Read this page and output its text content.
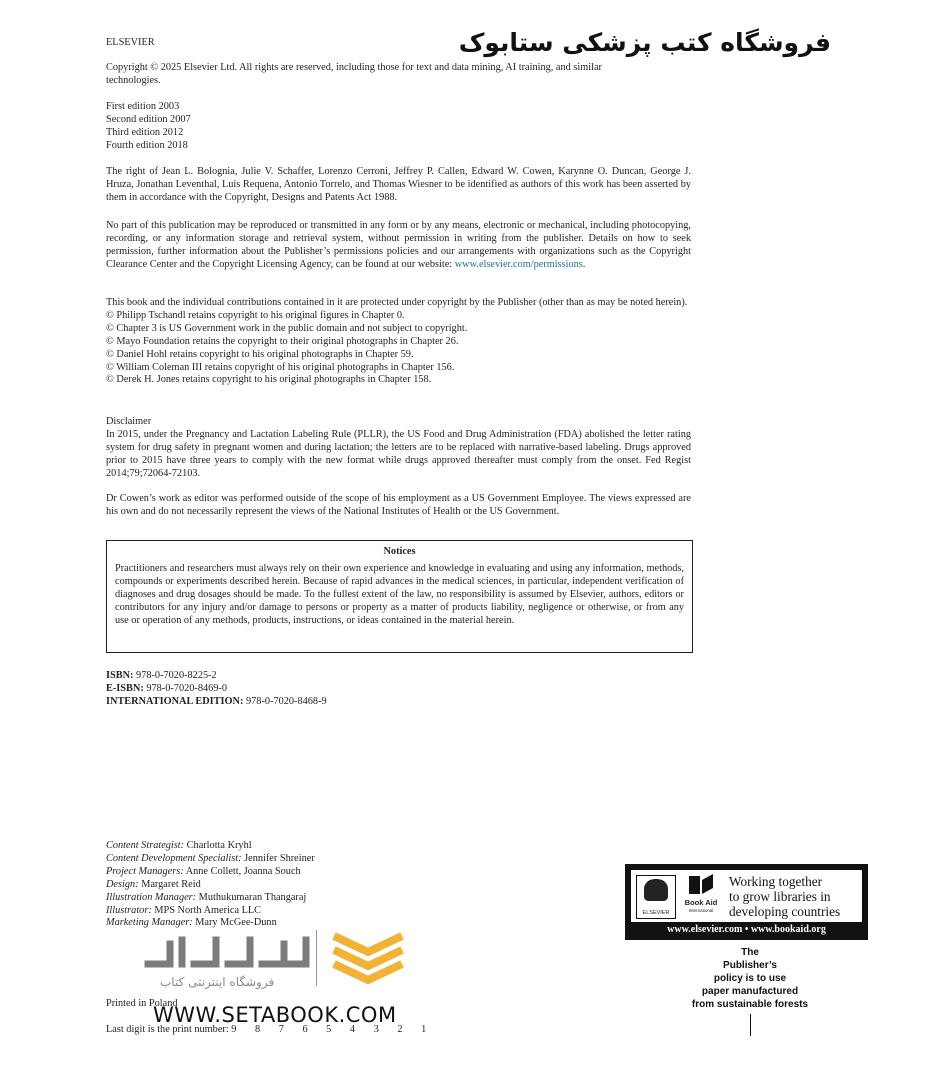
ELSEVIER	فروشگاه کتب پزشکی ستابوک
Copyright © 2025 Elsevier Ltd. All rights are reserved, including those for text and data mining, AI training, and similar technologies.

First edition 2003

Second edition 2007

Third edition 2012

Fourth edition 2018

The right of Jean L. Bolognia, Julie V. Schaffer, Lorenzo Cerroni, Jeffrey P. Callen, Edward W. Cowen, Karynne O. Duncan, George J. Hruza, Jonathan Leventhal, Luis Requena, Antonio Torrelo, and Thomas Wiesner to be identified as authors of this work has been asserted by them in accordance with the Copyright, Designs and Patents Act 1988.
No part of this publication may be reproduced or transmitted in any form or by any means, electronic or mechanical, including photocopying, recording, or any information storage and retrieval system, without permission in writing from the publisher. Details on how to seek permission, further information about the Publisher’s permissions policies and our arrangements with organizations such as the Copyright Clearance Center and the Copyright Licensing Agency, can be found at our website: www.elsevier.com/permissions.

This book and the individual contributions contained in it are protected under copyright by the Publisher (other than as may be noted herein).

© Philipp Tschandl retains copyright to his original figures in Chapter 0.

© Chapter 3 is US Government work in the public domain and not subject to copyright.

© Mayo Foundation retains the copyright to their original photographs in Chapter 26.

© Daniel Hohl retains copyright to his original photographs in Chapter 59.

© William Coleman III retains copyright of his original photographs in Chapter 156.

© Derek H. Jones retains copyright to his original photographs in Chapter 158.

Disclaimer

In 2015, under the Pregnancy and Lactation Labeling Rule (PLLR), the US Food and Drug Administration (FDA) abolished the letter rating system for drug safety in pregnant women and during lactation; the letters are to be replaced with narrative-based labeling. Drugs approved prior to 2015 have three years to comply with the new format while drugs approved thereafter must comply from the onset. Fed Regist 2014;79;72064-72103.

Dr Cowen’s work as editor was performed outside of the scope of his employment as a US Government Employee. The views expressed are his own and do not necessarily represent the views of the National Institutes of Health or the US Government.

Notices

Practitioners and researchers must always rely on their own experience and knowledge in evaluating and using any information, methods, compounds or experiments described herein. Because of rapid advances in the medical sciences, in particular, independent verification of diagnoses and drug dosages should be made. To the fullest extent of the law, no responsibility is assumed by Elsevier, authors, editors or contributors for any injury and/or damage to persons or property as a matter of products liability, negligence or otherwise, or from any use or operation of any methods, products, instructions, or ideas contained in the material herein.

ISBN: 978-0-7020-8225-2

E-ISBN: 978-0-7020-8469-0

INTERNATIONAL EDITION: 978-0-7020-8468-9

Content Strategist: Charlotta Kryhl

Content Development Specialist: Jennifer Shreiner

Project Managers: Anne Collett, Joanna Souch

Design: Margaret Reid

Illustration Manager: Muthukumaran Thangaraj

Illustrator: MPS North America LLC

Marketing Manager: Mary McGee-Dunn

ELSEVIER
Book Aid
International

Working together

to grow libraries in

developing countries

www.elsevier.com • www.bookaid.org

The

Publisher’s

policy is to use

paper manufactured

from sustainable forests

فروشگاه اینترنتی کتاب
WWW.SETABOOK.COM
Printed in Poland
Last digit is the print number: 9 8 7 6 5 4 3 2 1
